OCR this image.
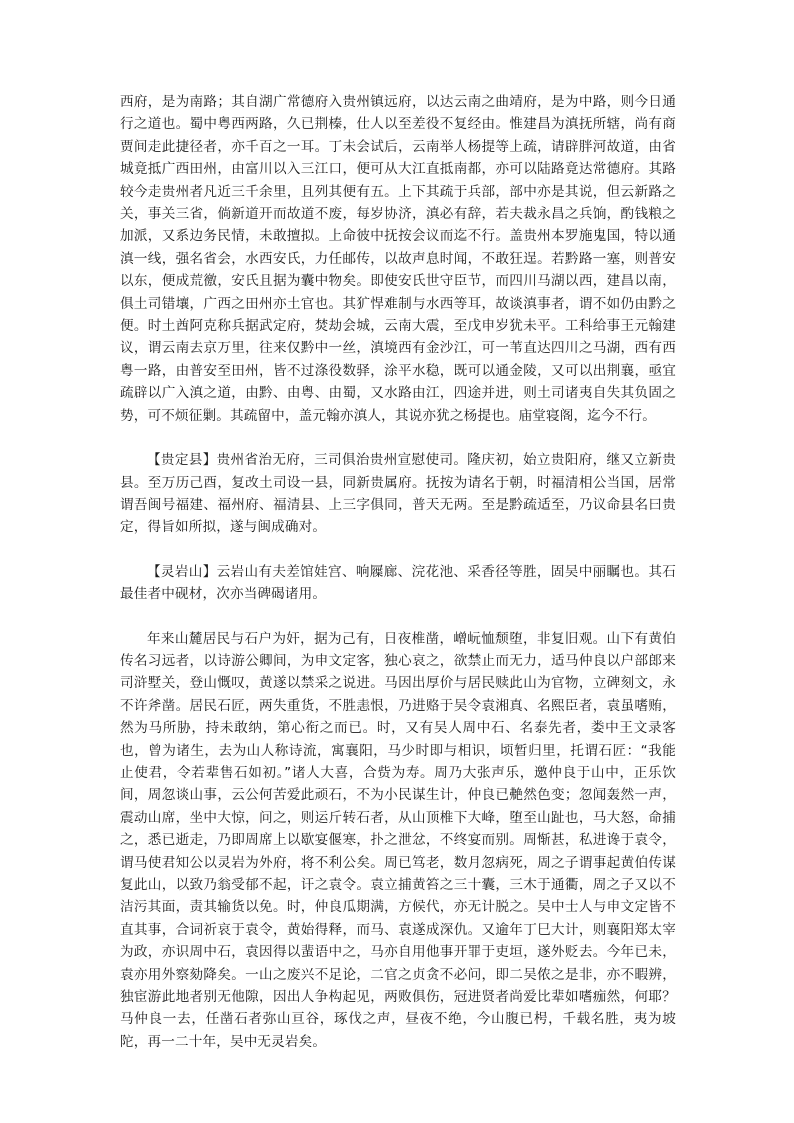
西府，是为南路；其自湖广常德府入贵州镇远府，以达云南之曲靖府，是为中路，则今日通行之道也。蜀中粤西两路，久已荆榛，仕人以至差役不复经由。惟建昌为滇抚所辖，尚有商贾间走此捷径者，亦千百之一耳。丁未会试后，云南举人杨提等上疏，请辟胖河故道，由省城竟抵广西田州，由富川以入三江口，便可从大江直抵南都，亦可以陆路竟达常德府。其路较今走贵州者凡近三千余里，且列其便有五。上下其疏于兵部，部中亦是其说，但云新路之关，事关三省，倘新道开而故道不废，每岁协济，滇必有辞，若夫裁永昌之兵饷，酌钱粮之加派，又系边务民情，未敢擅拟。上命彼中抚按会议而迄不行。盖贵州本罗施鬼国，特以通滇一线，强名省会，水西安氏，力任邮传，以故声息时闻，不敢狂逞。若黔路一塞，则普安以东，便成荒徼，安氏且据为囊中物矣。即使安氏世守臣节，而四川马湖以西，建昌以南，俱土司错壤，广西之田州亦土官也。其犷悍难制与水西等耳，故谈滇事者，谓不如仍由黔之便。时土酋阿克称兵据武定府，焚劫会城，云南大震，至戊申岁犹未平。工科给事王元翰建议，谓云南去京万里，往来仅黔中一丝，滇境西有金沙江，可一苇直达四川之马湖，西有西粤一路，由普安至田州，皆不过涤役数驿，涂平水稳，既可以通金陵，又可以出荆襄，亟宜疏辟以广入滇之道，由黔、由粤、由蜀，又水路由江，四途并进，则土司诸夷自失其负固之势，可不烦征剿。其疏留中，盖元翰亦滇人，其说亦犹之杨提也。庙堂寝阁，迄今不行。

【贵定县】贵州省治无府，三司俱治贵州宣慰使司。隆庆初，始立贵阳府，继又立新贵县。至万历己酉，复改土司设一县，同新贵属府。抚按为请名于朝，时福清相公当国，居常谓吾闽号福建、福州府、福清县、上三字俱同，普天无两。至是黔疏适至，乃议命县名曰贵定，得旨如所拟，遂与闽成确对。

【灵岩山】云岩山有夫差馆娃宫、响屧廊、浣花池、采香径等胜，固吴中丽瞩也。其石最佳者中砚材，次亦当碑碣诸用。

年来山麓居民与石户为奸，据为己有，日夜椎凿，嶒岏恤颓堕，非复旧观。山下有黄伯传名习远者，以诗游公卿间，为申文定客，独心哀之，欲禁止而无力，适马仲良以户部郎来司浒墅关，登山慨叹，黄遂以禁采之说进。马因出厚价与居民赎此山为官物，立碑刻文，永不许斧凿。居民石匠，两失重货，不胜恚恨，乃进赂于吴令袁湘真、名熙臣者，袁虽嗜贿，然为马所胁，持未敢纳，第心衔之而已。时，又有吴人周中石、名泰先者，娄中王文录客也，曾为诸生，去为山人称诗流，寓襄阳，马少时即与相识，顷暂归里，托谓石匠：“我能止使君，令若辈售石如初。”诸人大喜，合赀为寿。周乃大张声乐，邀仲良于山中，正乐饮间，周忽谈山事，云公何苦爱此顽石，不为小民谋生计，仲良已艴然色变；忽闻轰然一声，震动山席，坐中大惊，问之，则运斤转石者，从山顶椎下大峰，堕至山趾也，马大怒，命捕之，悉已逝走，乃即周席上以歇宴偃寒，扑之泄忿，不终宴而别。周惭甚，私进谗于袁令，谓马使君知公以灵岩为外府，将不利公矣。周已笃老，数月忽病死，周之子谓事起黄伯传谋复此山，以致乃翁受郁不起，讦之袁令。袁立捕黄笞之三十囊，三木于通衢，周之子又以不洁污其面，责其输货以免。时，仲良瓜期满，方候代，亦无计脱之。吴中士人与申文定皆不直其事，合词祈哀于袁令，黄始得释，而马、袁遂成深仇。又逾年丁巳大计，则襄阳郑太宰为政，亦识周中石，袁因得以蜚语中之，马亦自用他事开罪于吏垣，遂外贬去。今年已未，袁亦用外察劾降矣。一山之废兴不足论，二官之贞贪不必问，即二吴侬之是非，亦不暇辨，独宦游此地者别无他隙，因出人争构起见，两败俱伤，冠进贤者尚爱比辈如嗜痂然，何耶？马仲良一去，任凿石者弥山亘谷，琢伐之声，昼夜不绝，今山腹已枵，千载名胜，夷为坡陀，再一二十年，吴中无灵岩矣。
